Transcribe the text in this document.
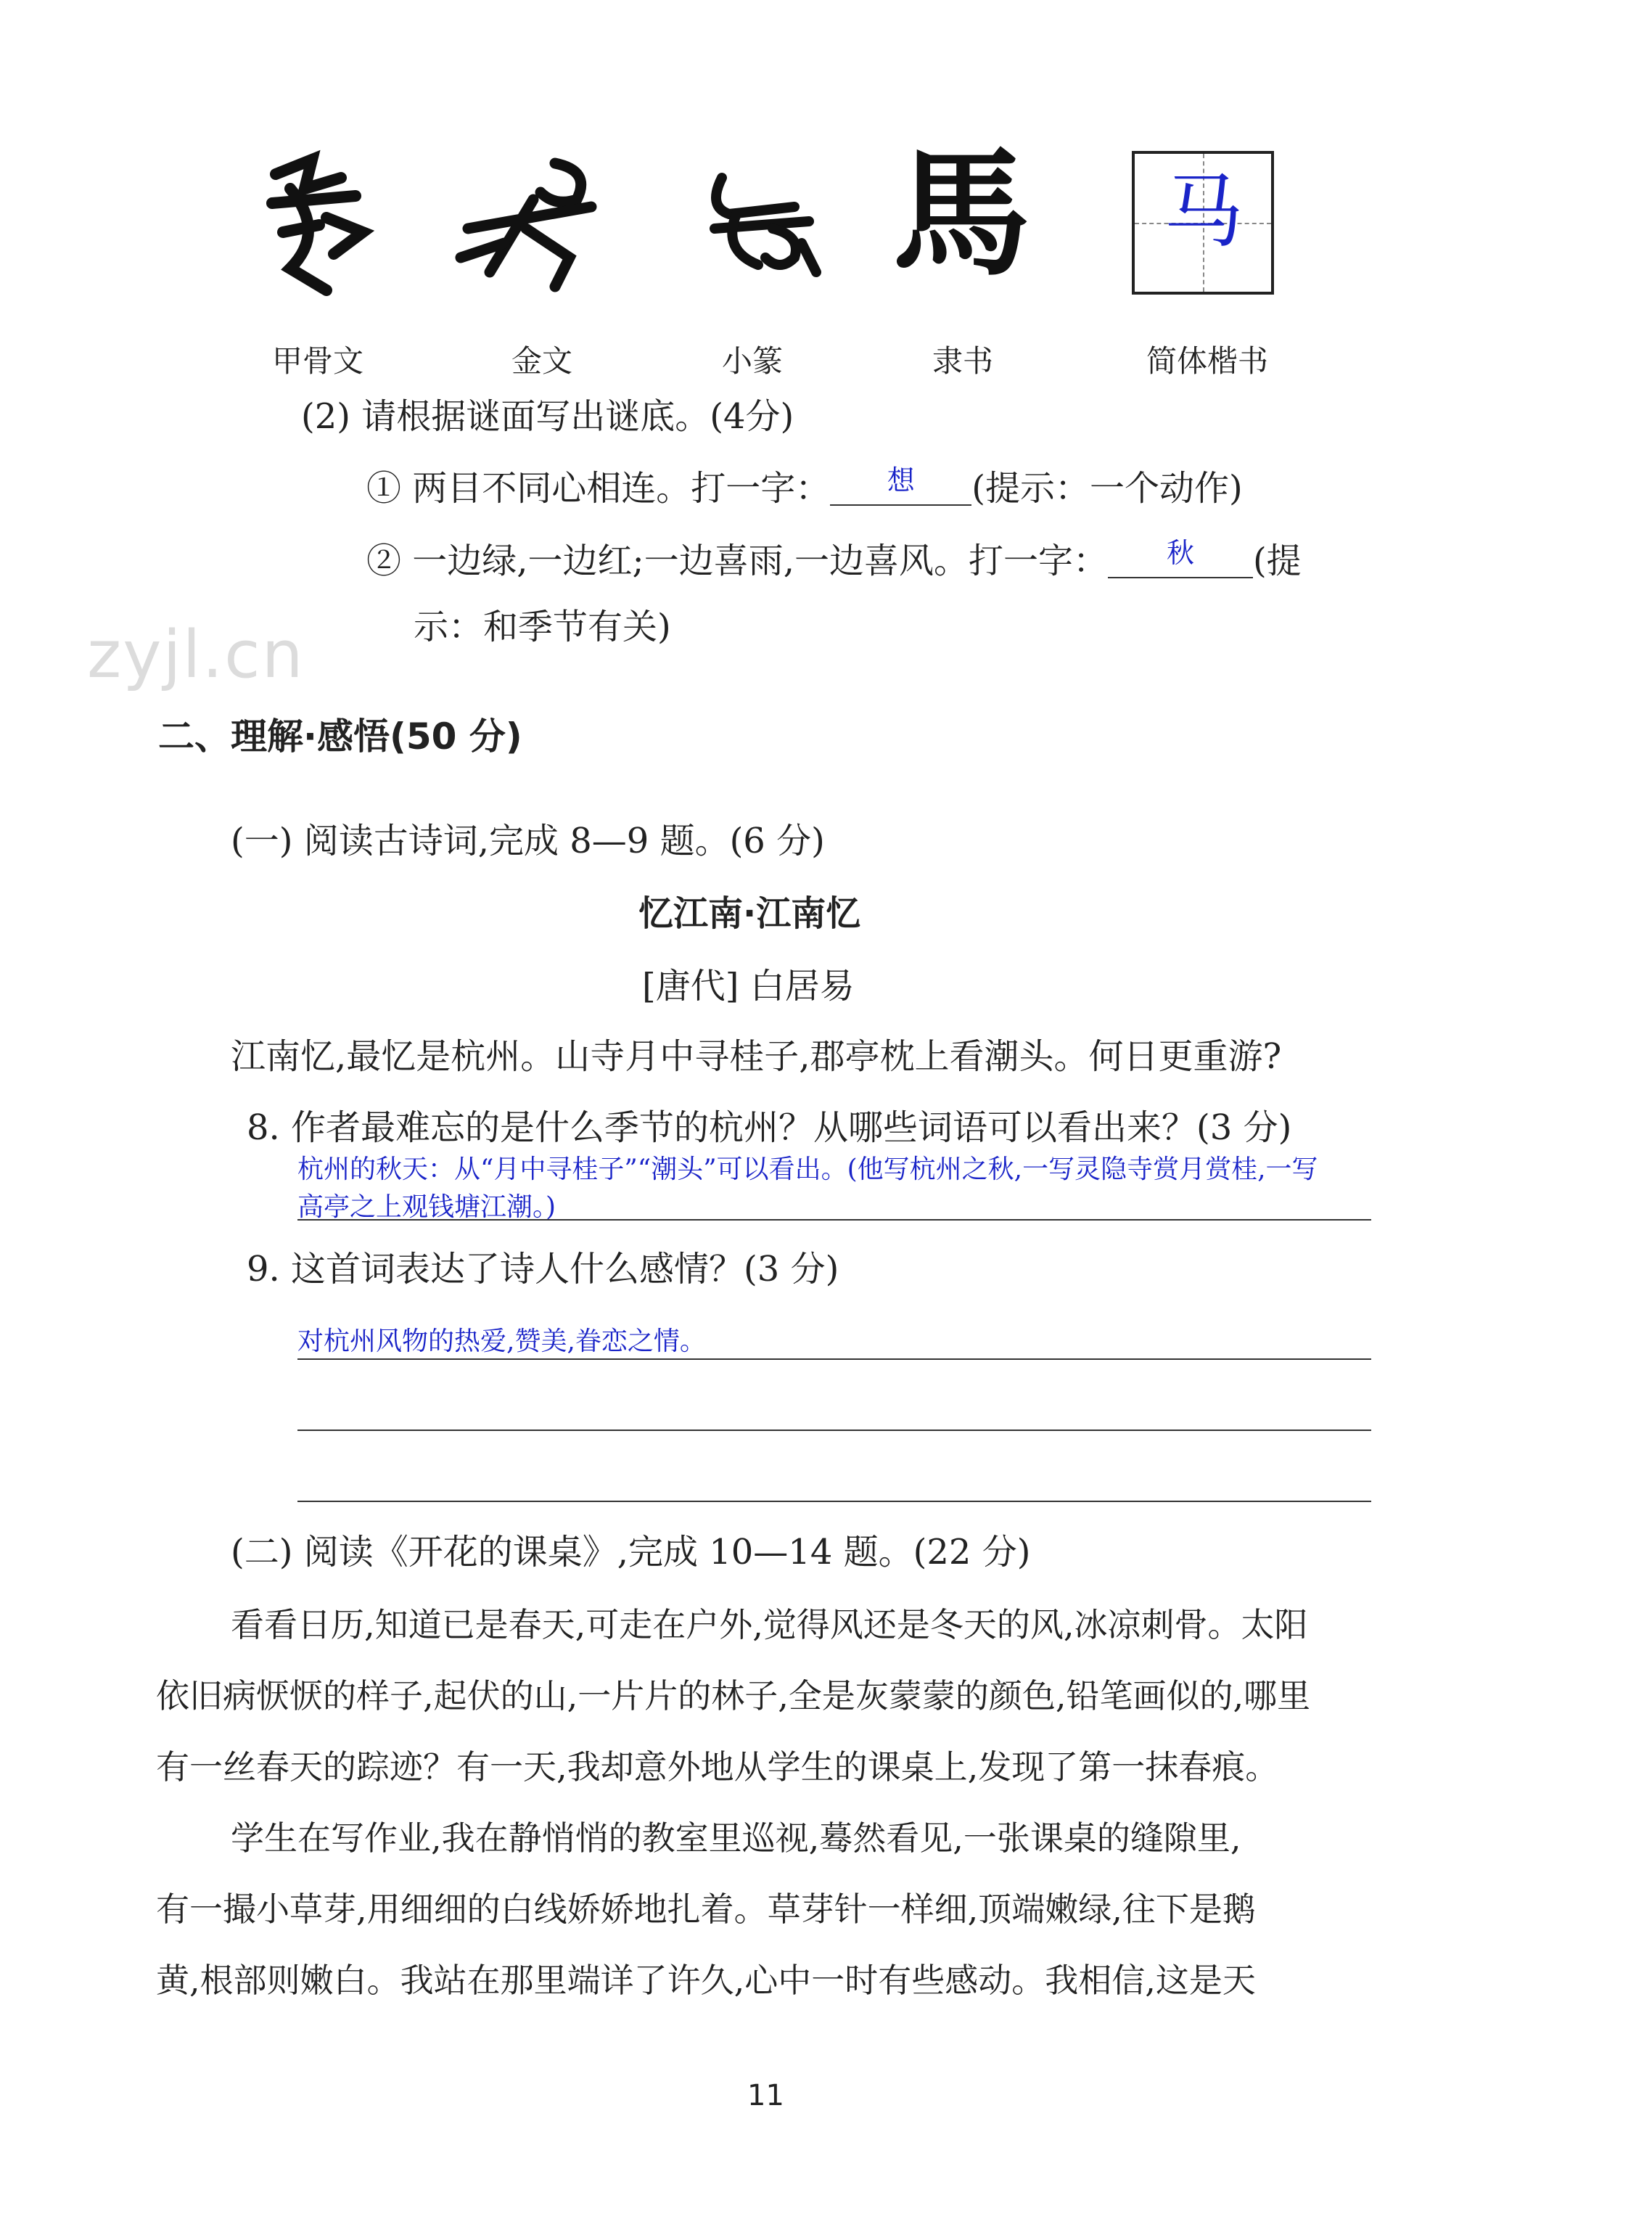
馬 马
甲骨文	金文	小篆	隶书	简体楷书
(2) 请根据谜面写出谜底。(4分)
① 两目不同心相连。打一字： $^想$ (提示：一个动作)
② 一边绿,一边红;一边喜雨,一边喜风。打一字： $^秋$ (提
示：和季节有关)
zyjl.cn
二、理解·感悟(50 分)
(一) 阅读古诗词,完成 8—9 题。(6 分)
忆江南·江南忆
[唐代] 白居易
江南忆,最忆是杭州。山寺月中寻桂子,郡亭枕上看潮头。何日更重游?
8. 作者最难忘的是什么季节的杭州？从哪些词语可以看出来？(3 分)
杭州的秋天：从“月中寻桂子”“潮头”可以看出。(他写杭州之秋,一写灵隐寺赏月赏桂,一写
高亭之上观钱塘江潮。)
9. 这首词表达了诗人什么感情？(3 分)
对杭州风物的热爱,赞美,眷恋之情。
(二) 阅读《开花的课桌》,完成 10—14 题。(22 分)
看看日历,知道已是春天,可走在户外,觉得风还是冬天的风,冰凉刺骨。太阳
依旧病恹恹的样子,起伏的山,一片片的林子,全是灰蒙蒙的颜色,铅笔画似的,哪里
有一丝春天的踪迹？有一天,我却意外地从学生的课桌上,发现了第一抹春痕。
学生在写作业,我在静悄悄的教室里巡视,蓦然看见,一张课桌的缝隙里,
有一撮小草芽,用细细的白线娇娇地扎着。草芽针一样细,顶端嫩绿,往下是鹅
黄,根部则嫩白。我站在那里端详了许久,心中一时有些感动。我相信,这是天
11
